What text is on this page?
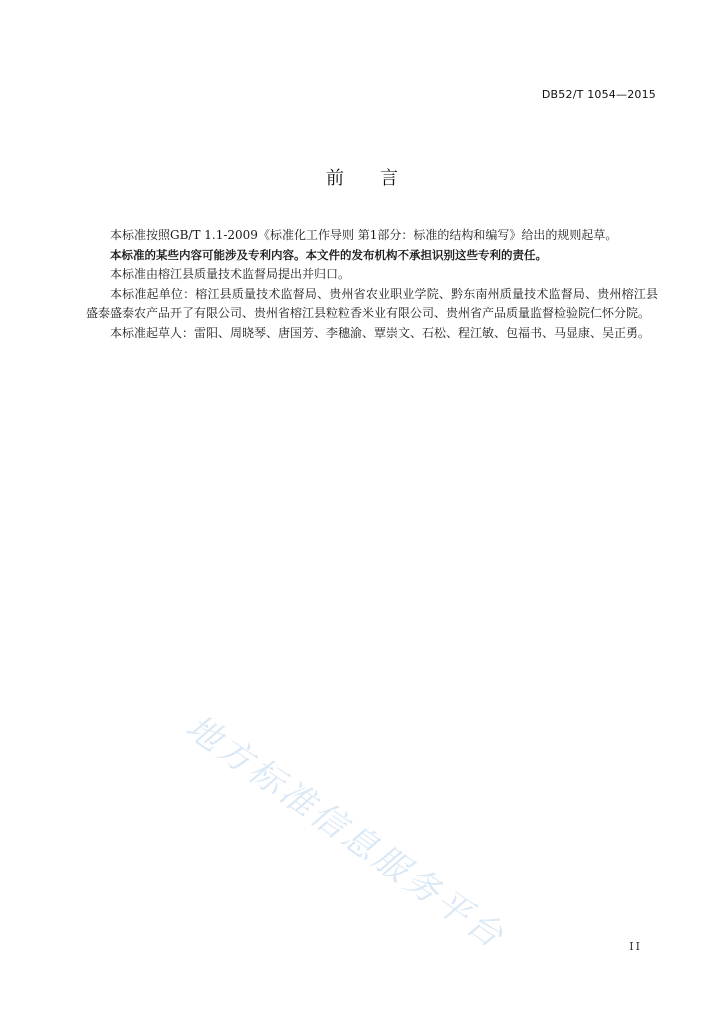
DB52/T 1054—2015
前言

本标准按照GB/T 1.1-2009《标准化工作导则 第1部分：标准的结构和编写》给出的规则起草。

本标准的某些内容可能涉及专利内容。本文件的发布机构不承担识别这些专利的责任。

本标准由榕江县质量技术监督局提出并归口。

本标准起单位：榕江县质量技术监督局、贵州省农业职业学院、黔东南州质量技术监督局、贵州榕江县盛泰盛泰农产品开了有限公司、贵州省榕江县粒粒香米业有限公司、贵州省产品质量监督检验院仁怀分院。

本标准起草人：雷阳、周晓琴、唐国芳、李穗渝、覃崇文、石松、程江敏、包福书、马显康、吴正勇。

地方标准信息服务平台	II
